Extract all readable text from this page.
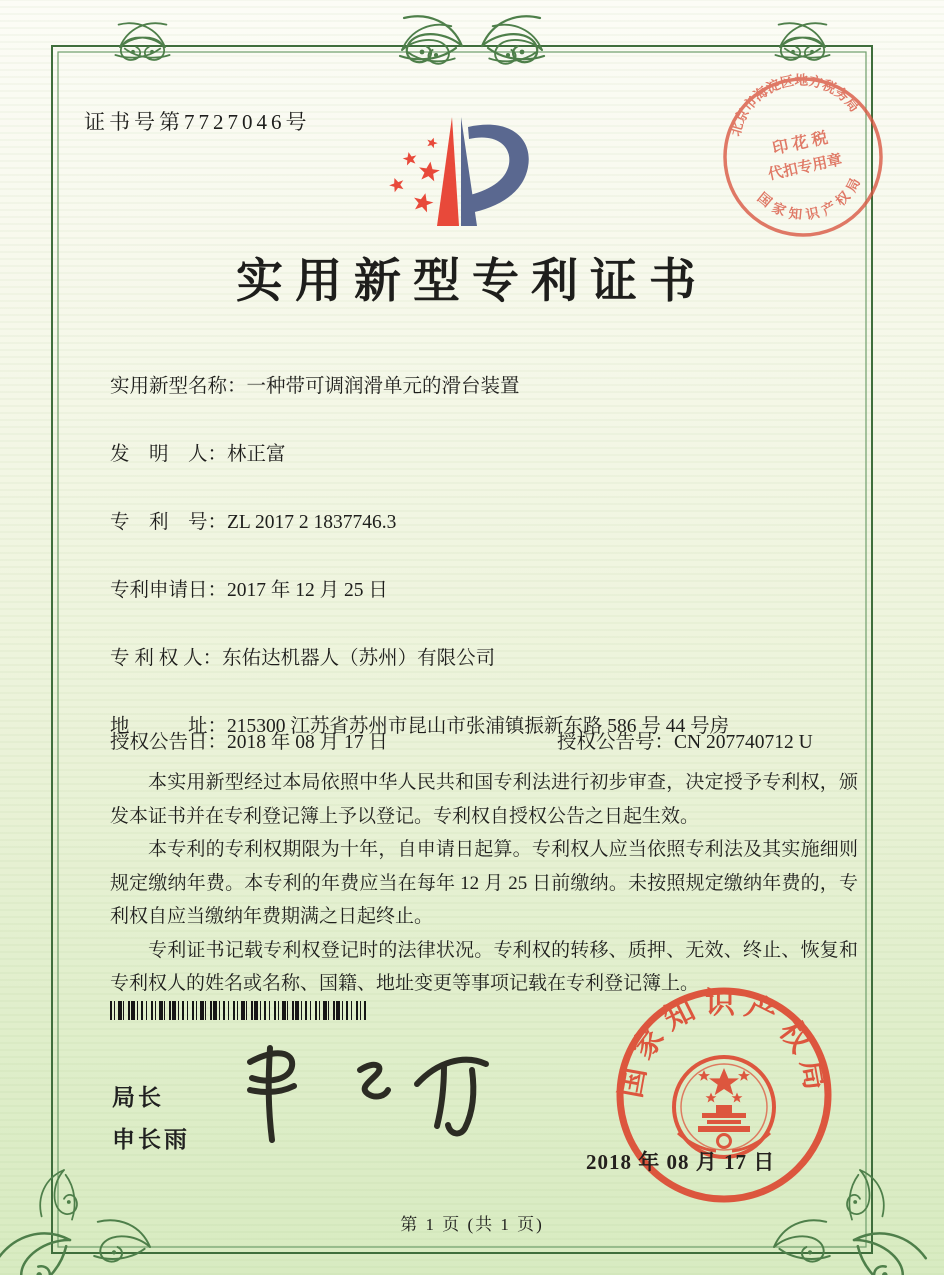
证书号第7727046号	北京市海淀区地方税务局
印 花 税
代扣专用章
国家知识产权局
实用新型专利证书
实用新型名称：一种带可调润滑单元的滑台装置
发　明　人：林正富
专　利　号：ZL 2017 2 1837746.3
专利申请日：2017 年 12 月 25 日
专 利 权 人：东佑达机器人（苏州）有限公司
地　　　址：215300 江苏省苏州市昆山市张浦镇振新东路 586 号 44 号房
授权公告日：2018 年 08 月 17 日	授权公告号：CN 207740712 U

本实用新型经过本局依照中华人民共和国专利法进行初步审查，决定授予专利权，颁发本证书并在专利登记簿上予以登记。专利权自授权公告之日起生效。

本专利的专利权期限为十年，自申请日起算。专利权人应当依照专利法及其实施细则规定缴纳年费。本专利的年费应当在每年 12 月 25 日前缴纳。未按照规定缴纳年费的，专利权自应当缴纳年费期满之日起终止。

专利证书记载专利权登记时的法律状况。专利权的转移、质押、无效、终止、恢复和专利权人的姓名或名称、国籍、地址变更等事项记载在专利登记簿上。

局长
申长雨
国家知识产权局
2018 年 08 月 17 日
第 1 页 (共 1 页)
